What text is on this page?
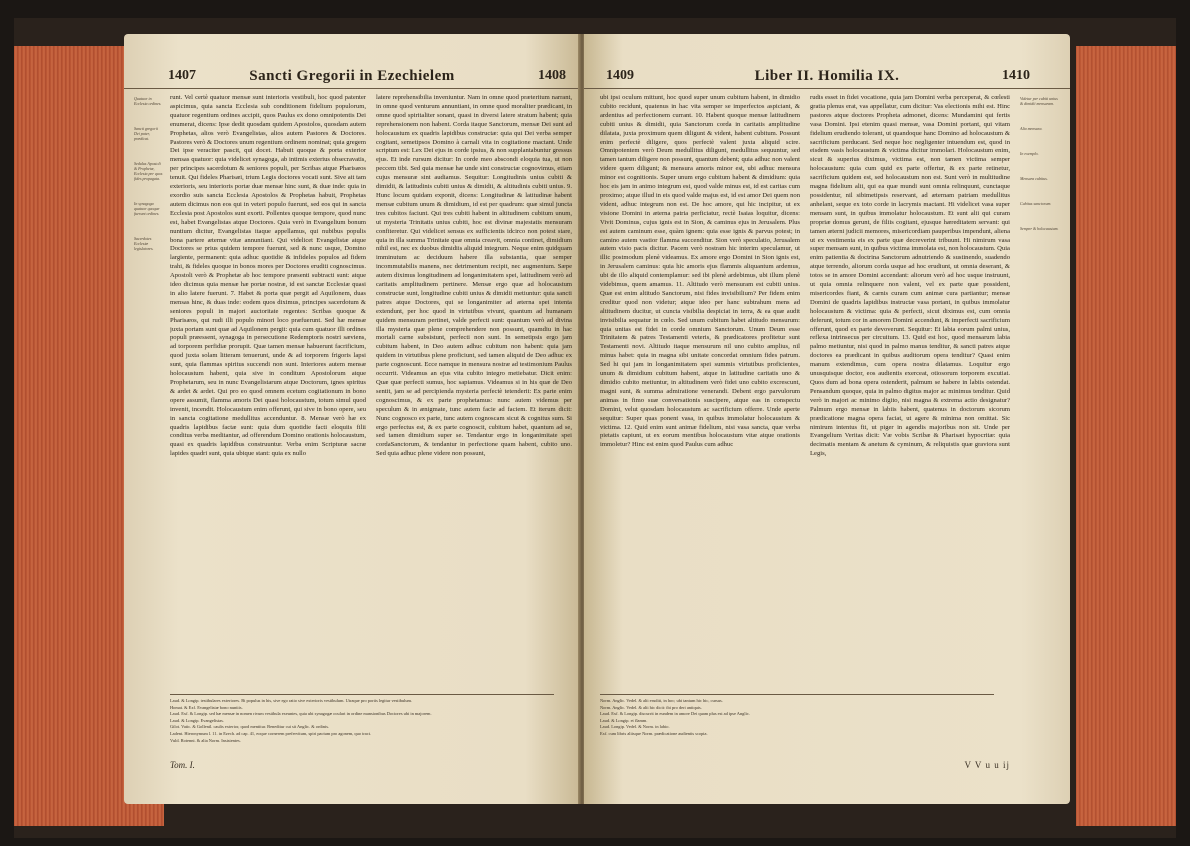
1407	Sancti Gregorii in Ezechielem	1408
Quatuor in Ecclesia ordines.
Sancti gregorii Dei pater, prædicat.
Sedulus Apostoli & Prophetæ, Ecclesia per quos fides propagata.
In synagoga quatuor quoque fuerunt ordines.
Sacerdotes Ecclesiæ legislatores.

runt. Vel certè quatuor mensæ sunt interioris vestibuli, hoc quod patenter aspicimus, quia sancta Ecclesia sub conditionem fidelium populorum, quatuor regentium ordines accipit, quos Paulus ex dono omnipotentis Dei enumerat, dicens: Ipse dedit quosdam quidem Apostolos, quosdam autem Prophetas, alios verò Evangelistas, alios autem Pastores & Doctores. Pastores verò & Doctores unum regentium ordinem nominat; quia gregem Dei ipse veraciter pascit, qui docet. Habuit quoque & porta exterior mensas quatuor: quia videlicet synagoga, ab intimis exterius obsecravatis, per principes sacerdotum & seniores populi, per Scribas atque Pharisæos tenuit. Qui fideles Pharisæi, trium Legis doctores vocati sunt. Sive ait tam exterioris, seu interioris portæ duæ mensæ hinc sunt, & duæ inde: quia in exordio suis sancta Ecclesia Apostolos & Prophetas habuit, Prophetas autem dicimus non eos qui in veteri populo fuerunt, sed eos qui in sancta Ecclesia post Apostolos sunt exorti. Pollentes quoque tempore, quod nunc est, habet Evangelistas atque Doctores. Quia verò in Evangelium bonum nuntium dicitur, Evangelistas itaque appellamus, qui nubibus populis bona partere æternæ vitæ annuntiant. Qui videlicet Evangelistæ atque Doctores se prius quidem tempore fuerunt, sed & nunc usque, Domino largiente, permanent: quia adhuc quotidie & infideles populos ad fidem trahi, & fideles quoque in bonos mores per Doctores eruditi cognoscimus. Apostoli verò & Prophetæ ab hoc tempore præsenti subtracti sunt: atque ideo dicimus quia mensæ hæ portæ nostræ, id est sanctæ Ecclesiæ quasi in alio latere fuerunt. 7. Habet & porta quæ pergit ad Aquilonem, duas mensas hinc, & duas inde: eodem quos diximus, principes sacerdotum & seniores populi in majori auctoritate regentes: Scribas quoque & Pharisæos, qui rudi illi populo minori loco præfuerunt. Sed hæ mensæ juxta portam sunt quæ ad Aquilonem pergit: quia cum quatuor illi ordines populi præessent, synagoga in persecutione Redemptoris nostri sæviens, ad torporem perfidiæ prorupit. Quæ tamen mensæ habuerunt facrificium, quod juxta solam litteram tenuerunt, unde & ad torporem frigoris lapsi sunt, quia flammas spiritus succendi non sunt. Interiores autem mensæ holocaustum habent, quia sive in conditum Apostolorum atque Prophetarum, seu in nunc Evangelistarum atque Doctorum, ignes spiritus & ardet & ardet. Qui pro eo quod omnem ecetum cogitationum in bono opere assumit, flamma amoris Dei quasi holocaustum, totum simul quod invenit, incendit. Holocaustum enim offerunt, qui sive in bono opere, seu in sancta cogitatione medullitus accenduntur. 8. Mensæ verò hæ ex quadris lapidibus factæ sunt: quia dum quotidie facti eloquiis filii conditus verba meditantur, ad offerendum Domino orationis holocaustum, quasi ex quadris lapidibus construuntur. Verba enim Scripturæ sacræ lapides quadri sunt, quia ubique stant: quia ex nullo

latere reprehensibilia inveniuntur. Nam in omne quod præteritum narrant, in omne quod venturum annuntiant, in omne quod moraliter prædicant, in omne quod spiritaliter sonant, quasi in diversi latere stratum habent; quia reprehensionem non habent. Corda itaque Sanctorum, mensæ Dei sunt ad holocaustum ex quadris lapidibus constructæ: quia qui Dei verba semper cogitant, semetipsos Domino à carnali vita in cogitatione mactant. Unde scriptum est: Lex Dei ejus in corde ipsius, & non supplantabuntur gressus ejus. Et inde rursum dicitur: In corde meo abscondi eloquia tua, ut non peccem tibi. Sed quia mensæ hæ unde sint constructæ cognovimus, etiam cujus mensuræ sint audiamus. Sequitur: Longitudinis unius cubiti & dimidii, & latitudinis cubiti unius & dimidii, & altitudinis cubiti unius. 9. Hunc locum quidam exponit, dicens: Longitudinæ & latitudinæ habent mensæ cubitum unum & dimidium, id est per quadrum: quæ simul juncta tres cubitos faciunt. Qui tres cubiti habent in altitudinem cubitum unum, ut mysteria Trinitatis unius cubiti, hoc est divinæ majestatis mensuram confiteretur. Qui videlicet sensus ex sufficientis idcirco non potest stare, quia in illa summa Trinitate quæ omnia creavit, omnia continet, dimidium nihil est, nec ex duobus dimidiis aliquid integrum. Neque enim quidquam imminutum ac deciduum habere illa substantia, quæ semper incommutabilis manens, nec detrimentum recipit, nec augmentum. Sæpe autem diximus longitudinem ad longanimitatem spei, latitudinem verò ad caritatis amplitudinem pertinere. Mensæ ergo quæ ad holocaustum constructæ sunt, longitudine cubiti unius & dimidii metiuntur: quia sancti patres atque Doctores, qui se longanimiter ad æterna spei intenta extendunt, per hoc quod in virtutibus vivunt, quantum ad humanam quidem mensuram pertinet, valde perfecti sunt: quantum verò ad divina illa mysteria quæ plene comprehendere non possunt, quamdiu in hac mortali carne subsistunt, perfecti non sunt. In semetipsis ergo jam cubitum habent, in Deo autem adhuc cubitum non habent: quia jam quidem in virtutibus plene proficiunt, sed tamen aliquid de Deo adhuc ex parte cognoscunt. Ecce namque in mensura nostræ ad testimonium Paulus occurrit. Videamus an ejus vita cubito integro metiebatur. Dicit enim: Quæ quæ perfecti sumus, hoc sapiamus. Videamus si in his quæ de Deo sentit, jam se ad percipienda mysteria perfectè tetenderit: Ex parte enim cognoscimus, & ex parte prophetamus: nunc autem videmus per speculum & in ænigmate, tunc autem facie ad faciem. Et iterum dicit: Nunc cognosco ex parte, tunc autem cognoscam sicut & cognitus sum. Si ergo perfectus est, & ex parte cognoscit, cubitum habet, quantum ad se, sed tamen dimidium super se. Tendantur ergo in longanimitate spei cordaSanctorum, & tendantur in perfectione quam habent, cubito uno. Sed quia adhuc plene videre non possunt,

Laud. & Longip. testibulares exteriores. Bi populus in his, sive ego ratio sive exterioris vestibulum. Utraque pro portis legitur vestibulum.

Homat. & Exf. Evangelistæ bono nuntiis.

Laud. Exf. & Longip. sed hæ mensæ in nomen rivum vestibula exeuntes, quia ubi synagogæ oculari in ordine mansionibus Doctores ubi in majorem.

Laud. & Longip. Evangelistas.

Gilot. Vatic. & Gollenil. caulis exterior, quod mentitur. Beneditur cui sit Anglic. & ordinis.

Ladent. Hieronymum l. 11. in Ezech. ad cap. 41, eoque cornerem prefervitum, spiri pactum pro agonem, quo tract.

Vuld. Rotenni. & alia Norm. Insistentes.

Tom. I.
1409	Liber II. Homilia IX.	1410

ubi ipsi oculum mittunt, hoc quod super unum cubitum habent, in dimidio cubito recidunt, quatenus in hac vita semper se imperfectos aspiciant, & ardentius ad perfectionem currant. 10. Habent quoque mensæ latitudinem cubiti unius & dimidii, quia Sanctorum corda in caritatis amplitudine dilatata, juxta proximum quem diligunt & vident, habent cubitum. Possunt enim perfectè diligere, quos perfectè valent juxta aliquid scire. Omnipotentem verò Deum medullitus diligunt, medullitus sequuntur, sed tamen tantum diligere non possunt, quantum debent; quia adhuc non valent videre quem diligunt; & mensura amoris minor est, ubi adhuc mensura minor est cognitionis. Super unum ergo cubitum habent & dimidium: quia hoc eis jam in animo integrum est, quod valde minus est, id est caritas cum proximo; atque illud in eis quod valde majus est, id est amor Dei quem non vident, adhuc integrum non est. De hoc amore, qui hic incipitur, ut ex visione Domini in æterna patria perficiatur, rectè Isaias loquitur, dicens: Vivit Dominus, cujus ignis est in Sion, & caminus ejus in Jerusalem. Plus est autem caminum esse, quàm ignem: quia esse ignis & parvus potest; in camino autem vastior flamma succenditur. Sion verò speculatio, Jerusalem autem visio pacis dicitur. Pacem verò nostram hic interim speculamur, ut illic postmodum plenè videamus. Ex amore ergo Domini in Sion ignis est, in Jerusalem caminus: quia hic amoris ejus flammis aliquantum ardemus, ubi de illo aliquid contemplamur: sed ibi plenè ardebimus, ubi illum plenè videbimus, quem amamus. 11. Altitudo verò mensuram est cubiti unius. Quæ est enim altitudo Sanctorum, nisi fides invisibilium? Per fidem enim creditur quod non videtur; atque ideo per hanc subtrahum mens ad altitudinem ducitur, ut cuncta visibilia despiciat in terra, & ea quæ audit invisibilia sequatur in cœlo. Sed unum cubitum habet altitudo mensurum: quia unitas est fidei in corde omnium Sanctorum. Unum Deum esse Trinitatem & patres Testamenti veteris, & prædicatores profitetur sunt Testamenti novi. Altitudo itaque mensurum nil uno cubito amplius, nil minus habet: quia in magna sibi unitate concordat omnium fides patrum. Sed hi qui jam in longanimitatem spei summis virtutibus proficientes, unum & dimidium cubitum habent, atque in latitudine caritatis uno & dimidio cubito metiuntur, in altitudinem verò fidei uno cubito excrescunt, magni sunt, & summa admiratione venerandi. Debent ergo parvulorum animas in fimo suæ conversationis suscipere, atque eas in conspectu Domini, velut quosdam holocaustum ac sacrificium offerre. Unde aperte sequitur: Super quas ponent vasa, in quibus immolatur holocaustum & victima. 12. Quid enim sunt animæ fidelium, nisi vasa sancta, quæ verba pietatis capiunt, ut ex eorum mentibus holocaustum vitæ atque orationis immoletur? Hinc est enim quod Paulus cum adhuc

rudis esset in fidei vocatione, quia jam Domini verba perceperat, & cœlesti gratia plenus erat, vas appellatur, cum dicitur: Vas electionis mihi est. Hinc pastores atque doctores Propheta admonet, dicens: Mundamini qui fertis vasa Domini. Ipsi etenim quasi mensæ, vasa Domini portant, qui vitam fidelium erudiendo tolerant, ut quandoque hanc Domino ad holocaustum & sacrificium perducant. Sed neque hoc negligenter intuendum est, quod in eisdem vasis holocaustum & victima dicitur immolari. Holocaustum enim, sicut & superius diximus, victima est, non tamen victima semper holocaustum: quia cum quid ex parte offertur, & ex parte retinetur, sacrificium quidem est, sed holocaustum non est. Sunt verò in multitudine magna fidelium alii, qui ea quæ mundi sunt omnia relinquunt, cunctaque possidentur, nil sibimetipsis reservant, ad æternam patriam medullitus anhelant, seque ex toto corde in lacrymis mactant. Hi videlicet vasa super mensam sunt, in quibus immolatur holocaustum. Et sunt alii qui curam propriæ domus gerunt, de filiis cogitant, ejusque hæreditatem servant: qui tamen æterni judicii memores, misericordiam pauperibus impendunt, aliena ut ex vestimenta eis ex parte quæ decreverint tribuunt. Hi nimirum vasa super mensam sunt, in quibus victima immolata est, non holocaustum. Quia enim patientia & doctrina Sanctorum adnutriendo & sustinendo, suadendo atque terrendo, aliorum corda usque ad hoc erudiunt, ut omnia deserant, & totos se in amore Domini accendant: aliorum verò ad hoc usque instruunt, ut quia omnia relinquere non valent, vel ex parte quæ possident, misericordes fiant, & carnis curam cum animæ cura partiantur; mensæ Domini de quadris lapidibus instructæ vasa portant, in quibus immolatur holocaustum & victima: quia & perfecti, sicut diximus est, cum omnia deferunt, totum cor in amorem Domini accendunt, & imperfecti sacrificium offerunt, quod ex parte devoverunt. Sequitur: Et labia eorum palmi unius, reflexa intrinsecus per circuitum. 13. Quid est hoc, quod mensarum labia palmo metiuntur, nisi quod in palmo manus tenditur, & sancti patres atque doctores ea prædicant in quibus auditorum opera tenditur? Quasi enim manum extendimus, cum opera nostra dilatamus. Loquitur ergo unusquisque doctor, eos audientis exerceat, otiosorum torporem excutiat. Quos dum ad bona opera ostenderit, palmum se habere in labiis ostendat. Pensandum quoque, quia in palmo digitus major ac minimus tenditur. Quid verò in majori ac minimo digito, nisi magna & extrema actio designatur? Palmum ergo mensæ in labiis habent, quatenus in doctorum sicorum prædicatione magna opera faciat, ut agere & minima non omittat. Sic nimirum intentus fit, ut piger in agendis majoribus non sit. Unde per Evangelium Veritas dicit: Væ vobis Scribæ & Pharisæi hypocritæ: quia decimatis mentam & anetum & cyminum, & reliquistis quæ graviora sunt Legis,

Videtur per cubiti unius & dimidii mensuram.
Alia mensura.
In exemplo.
Mensura cubitus.
Cubitus sanctorum.
Semper & holocaustum.

Norm. Anglic. Vedel. & alii eruditi, in hoc; ubi tantum hic hic, cursus.

Norm. Anglic. Vedel. & alii hic dicit: ibi pro deri antiquis.

Laud. Exf. & Longip. discurrit in eundem in amore Dei quam plus est ad ipse Anglic.

Laud. & Longip. et flamm.

Laud. Longip. Vedel. & Norm. in labio.

Exf. cum libris aliisque Norm. prædicatione audientis scopia.

V V u u ij
